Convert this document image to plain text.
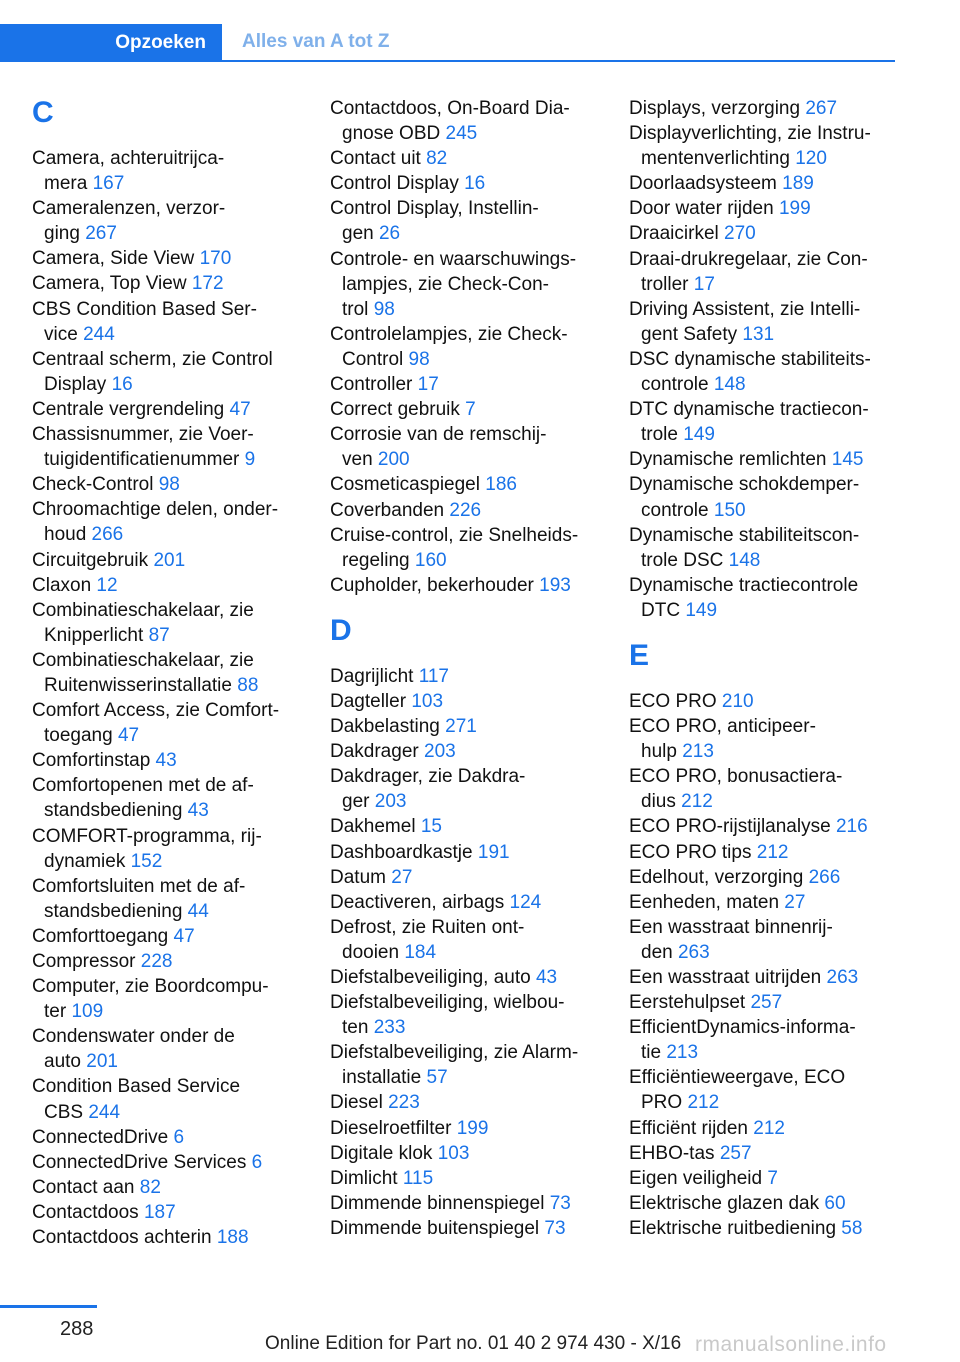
Opzoeken	Alles van A tot Z
C
Camera, achteruitrijca-
mera 167
Cameralenzen, verzor-
ging 267
Camera, Side View 170
Camera, Top View 172
CBS Condition Based Ser-
vice 244
Centraal scherm, zie Control
Display 16
Centrale vergrendeling 47
Chassisnummer, zie Voer-
tuigidentificatienummer 9
Check-Control 98
Chroomachtige delen, onder-
houd 266
Circuitgebruik 201
Claxon 12
Combinatieschakelaar, zie
Knipperlicht 87
Combinatieschakelaar, zie
Ruitenwisserinstallatie 88
Comfort Access, zie Comfort-
toegang 47
Comfortinstap 43
Comfortopenen met de af-
standsbediening 43
COMFORT-programma, rij-
dynamiek 152
Comfortsluiten met de af-
standsbediening 44
Comforttoegang 47
Compressor 228
Computer, zie Boordcompu-
ter 109
Condenswater onder de
auto 201
Condition Based Service
CBS 244
ConnectedDrive 6
ConnectedDrive Services 6
Contact aan 82
Contactdoos 187
Contactdoos achterin 188
Contactdoos, On-Board Dia-
gnose OBD 245
Contact uit 82
Control Display 16
Control Display, Instellin-
gen 26
Controle- en waarschuwings-
lampjes, zie Check-Con-
trol 98
Controlelampjes, zie Check-
Control 98
Controller 17
Correct gebruik 7
Corrosie van de remschij-
ven 200
Cosmeticaspiegel 186
Coverbanden 226
Cruise-control, zie Snelheids-
regeling 160
Cupholder, bekerhouder 193
D
Dagrijlicht 117
Dagteller 103
Dakbelasting 271
Dakdrager 203
Dakdrager, zie Dakdra-
ger 203
Dakhemel 15
Dashboardkastje 191
Datum 27
Deactiveren, airbags 124
Defrost, zie Ruiten ont-
dooien 184
Diefstalbeveiliging, auto 43
Diefstalbeveiliging, wielbou-
ten 233
Diefstalbeveiliging, zie Alarm-
installatie 57
Diesel 223
Dieselroetfilter 199
Digitale klok 103
Dimlicht 115
Dimmende binnenspiegel 73
Dimmende buitenspiegel 73
Displays, verzorging 267
Displayverlichting, zie Instru-
mentenverlichting 120
Doorlaadsysteem 189
Door water rijden 199
Draaicirkel 270
Draai-drukregelaar, zie Con-
troller 17
Driving Assistent, zie Intelli-
gent Safety 131
DSC dynamische stabiliteits-
controle 148
DTC dynamische tractiecon-
trole 149
Dynamische remlichten 145
Dynamische schokdemper-
controle 150
Dynamische stabiliteitscon-
trole DSC 148
Dynamische tractiecontrole
DTC 149
E
ECO PRO 210
ECO PRO, anticipeer-
hulp 213
ECO PRO, bonusactiera-
dius 212
ECO PRO-rijstijlanalyse 216
ECO PRO tips 212
Edelhout, verzorging 266
Eenheden, maten 27
Een wasstraat binnenrij-
den 263
Een wasstraat uitrijden 263
Eerstehulpset 257
EfficientDynamics-informa-
tie 213
Efficiëntieweergave, ECO
PRO 212
Efficiënt rijden 212
EHBO-tas 257
Eigen veiligheid 7
Elektrische glazen dak 60
Elektrische ruitbediening 58
288
Online Edition for Part no. 01 40 2 974 430 - X/16 rmanualsonline.info
